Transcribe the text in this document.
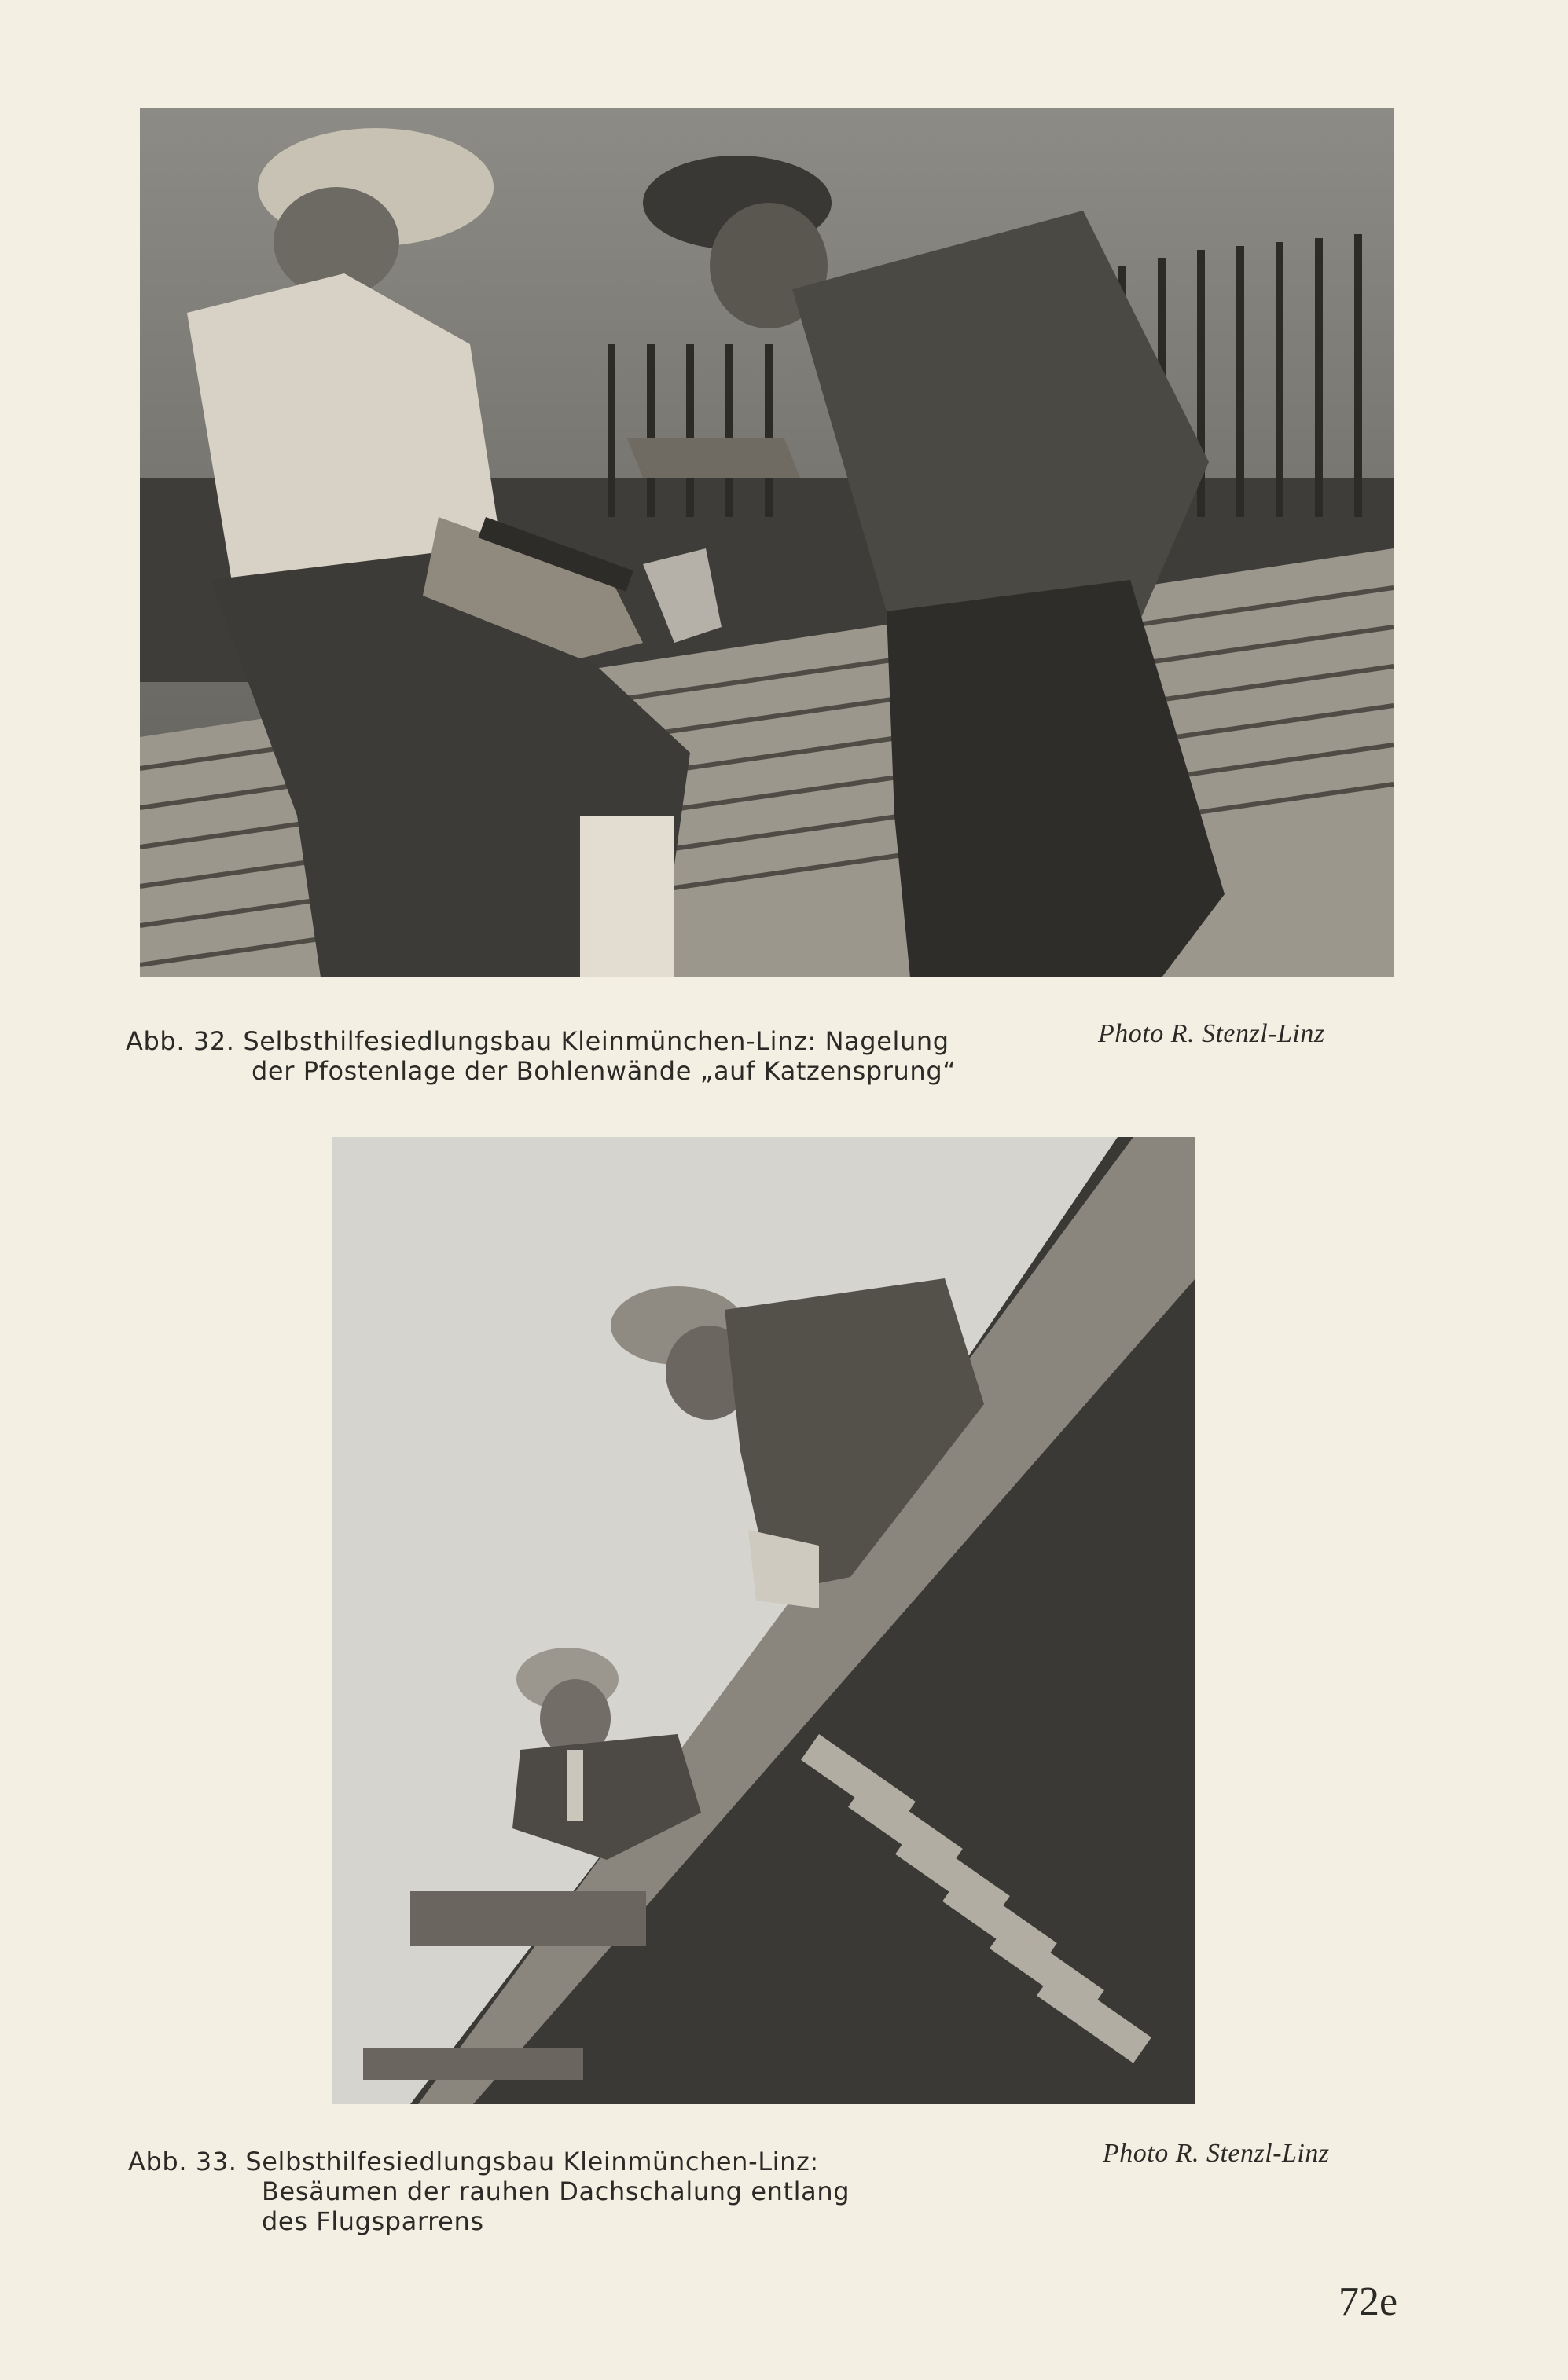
Abb. 32. Selbsthilfesiedlungsbau Kleinmünchen-Linz: Nagelung
der Pfostenlage der Bohlenwände „auf Katzensprung“
Photo R. Stenzl-Linz
Abb. 33. Selbsthilfesiedlungsbau Kleinmünchen-Linz:
Besäumen der rauhen Dachschalung entlang
des Flugsparrens
Photo R. Stenzl-Linz
72e
